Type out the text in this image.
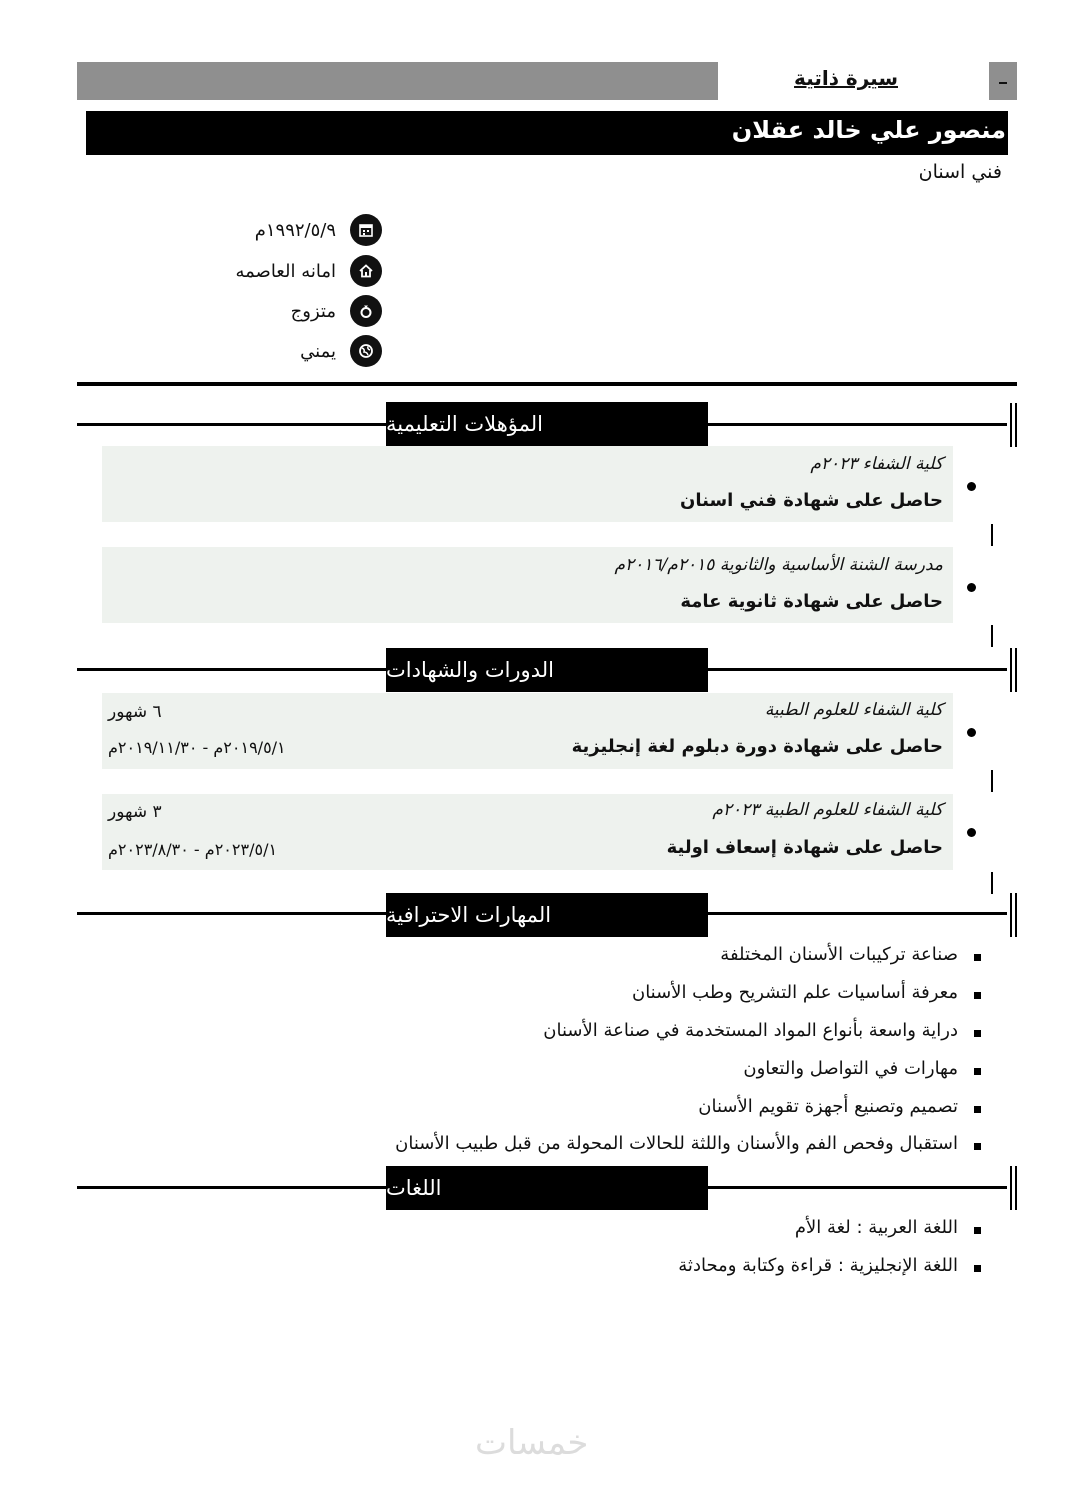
سيرة ذاتية
منصور علي خالد عقلان
فني اسنان
١٩٩٢/٥/٩م
امانه العاصمه
متزوج
يمني
المؤهلات التعليمية
كلية الشفاء ٢٠٢٣م
حاصل على شهادة فني اسنان
مدرسة الشنة الأساسية والثانوية ٢٠١٥م/٢٠١٦م
حاصل على شهادة ثانوية عامة
الدورات والشهادات
كلية الشفاء للعلوم الطبية
حاصل على شهادة دورة دبلوم لغة إنجليزية
٦ شهور
٢٠١٩/٥/١م - ٢٠١٩/١١/٣٠م
كلية الشفاء للعلوم الطبية ٢٠٢٣م
حاصل على شهادة إسعاف اولية
٣ شهور
٢٠٢٣/٥/١م - ٢٠٢٣/٨/٣٠م
المهارات الاحترافية
صناعة تركيبات الأسنان المختلفة
معرفة أساسيات علم التشريح وطب الأسنان
دراية واسعة بأنواع المواد المستخدمة في صناعة الأسنان
مهارات في التواصل والتعاون
تصميم وتصنيع أجهزة تقويم الأسنان
استقبال وفحص الفم والأسنان واللثة للحالات المحولة من قبل طبيب الأسنان
اللغات
اللغة العربية : لغة الأم
اللغة الإنجليزية : قراءة وكتابة ومحادثة
خمسات
